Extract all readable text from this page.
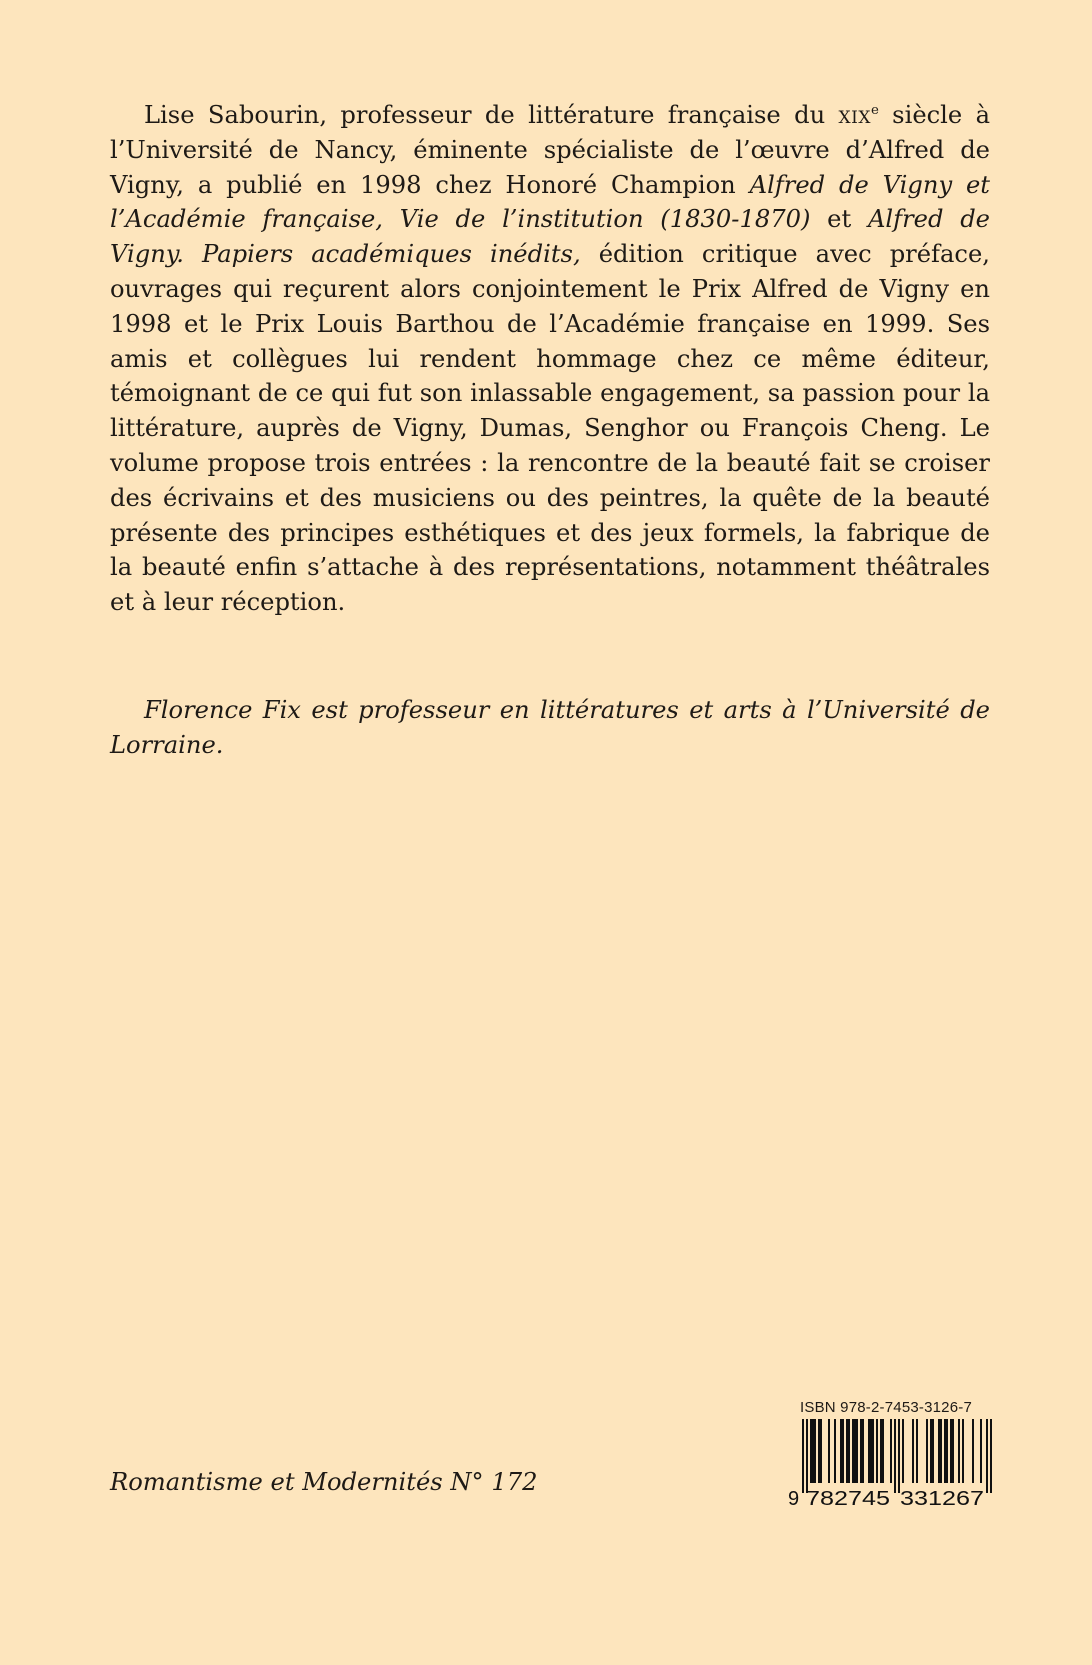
Lise Sabourin, professeur de littérature française du xix$^e$ siècle à l’Université de Nancy, éminente spécialiste de l’œuvre d’Alfred de Vigny, a publié en 1998 chez Honoré Champion Alfred de Vigny et l’Académie française, Vie de l’institution (1830-1870) et Alfred de Vigny. Papiers académiques inédits, édition critique avec préface, ouvrages qui reçurent alors conjointement le Prix Alfred de Vigny en 1998 et le Prix Louis Barthou de l’Académie française en 1999. Ses amis et collègues lui rendent hommage chez ce même éditeur, témoignant de ce qui fut son inlassable engagement, sa passion pour la littérature, auprès de Vigny, Dumas, Senghor ou François Cheng. Le volume propose trois entrées : la rencontre de la beauté fait se croiser des écrivains et des musiciens ou des peintres, la quête de la beauté présente des principes esthétiques et des jeux formels, la fabrique de la beauté enfin s’attache à des représentations, notamment théâtrales et à leur réception.

Florence Fix est professeur en littératures et arts à l’Université de Lorraine.

Romantisme et Modernités N° 172

ISBN 978-2-7453-3126-7
9 782745 331267
